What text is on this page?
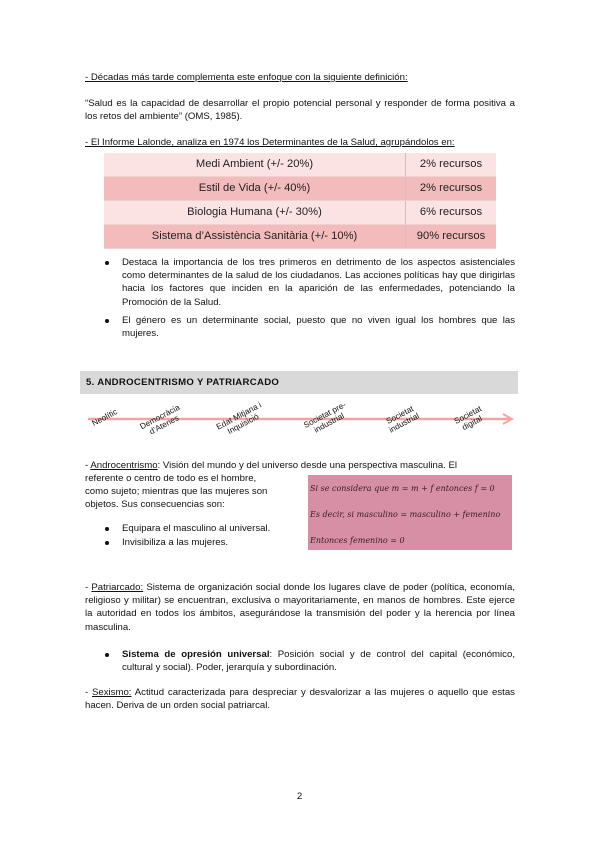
- Décadas más tarde complementa este enfoque con la siguiente definición:
“Salud es la capacidad de desarrollar el propio potencial personal y responder de forma positiva a los retos del ambiente” (OMS, 1985).
- El Informe Lalonde, analiza en 1974 los Determinantes de la Salud, agrupándolos en:
Medi Ambient (+/- 20%)	2% recursos
Estil de Vida (+/- 40%)	2% recursos
Biologia Humana (+/- 30%)	6% recursos
Sistema d’Assistència Sanitària (+/- 10%)	90% recursos
Destaca la importancia de los tres primeros en detrimento de los aspectos asistenciales como determinantes de la salud de los ciudadanos. Las acciones políticas hay que dirigirlas hacia los factores que inciden en la aparición de las enfermedades, potenciando la Promoción de la Salud.
El género es un determinante social, puesto que no viven igual los hombres que las mujeres.
5. ANDROCENTRISMO Y PATRIARCADO
Neolític	Democràcia d’Atenes	Edat Mitjana i Inquisició	Societat pre-industrial	Societat industrial	Societat digital
- Androcentrismo: Visión del mundo y del universo desde una perspectiva masculina. El
referente o centro de todo es el hombre,
como sujeto; mientras que las mujeres son
objetos. Sus consecuencias son:
Equipara el masculino al universal.
Invisibiliza a las mujeres.
Si se considera que m = m + f entonces f = 0
Es decir, si masculino = masculino + femenino
Entonces femenino = 0
- Patriarcado: Sistema de organización social donde los lugares clave de poder (política, economía, religioso y militar) se encuentran, exclusiva o mayoritariamente, en manos de hombres. Este ejerce la autoridad en todos los ámbitos, asegurándose la transmisión del poder y la herencia por línea masculina.
Sistema de opresión universal: Posición social y de control del capital (económico, cultural y social). Poder, jerarquía y subordinación.
- Sexismo: Actitud caracterizada para despreciar y desvalorizar a las mujeres o aquello que estas hacen. Deriva de un orden social patriarcal.
2
